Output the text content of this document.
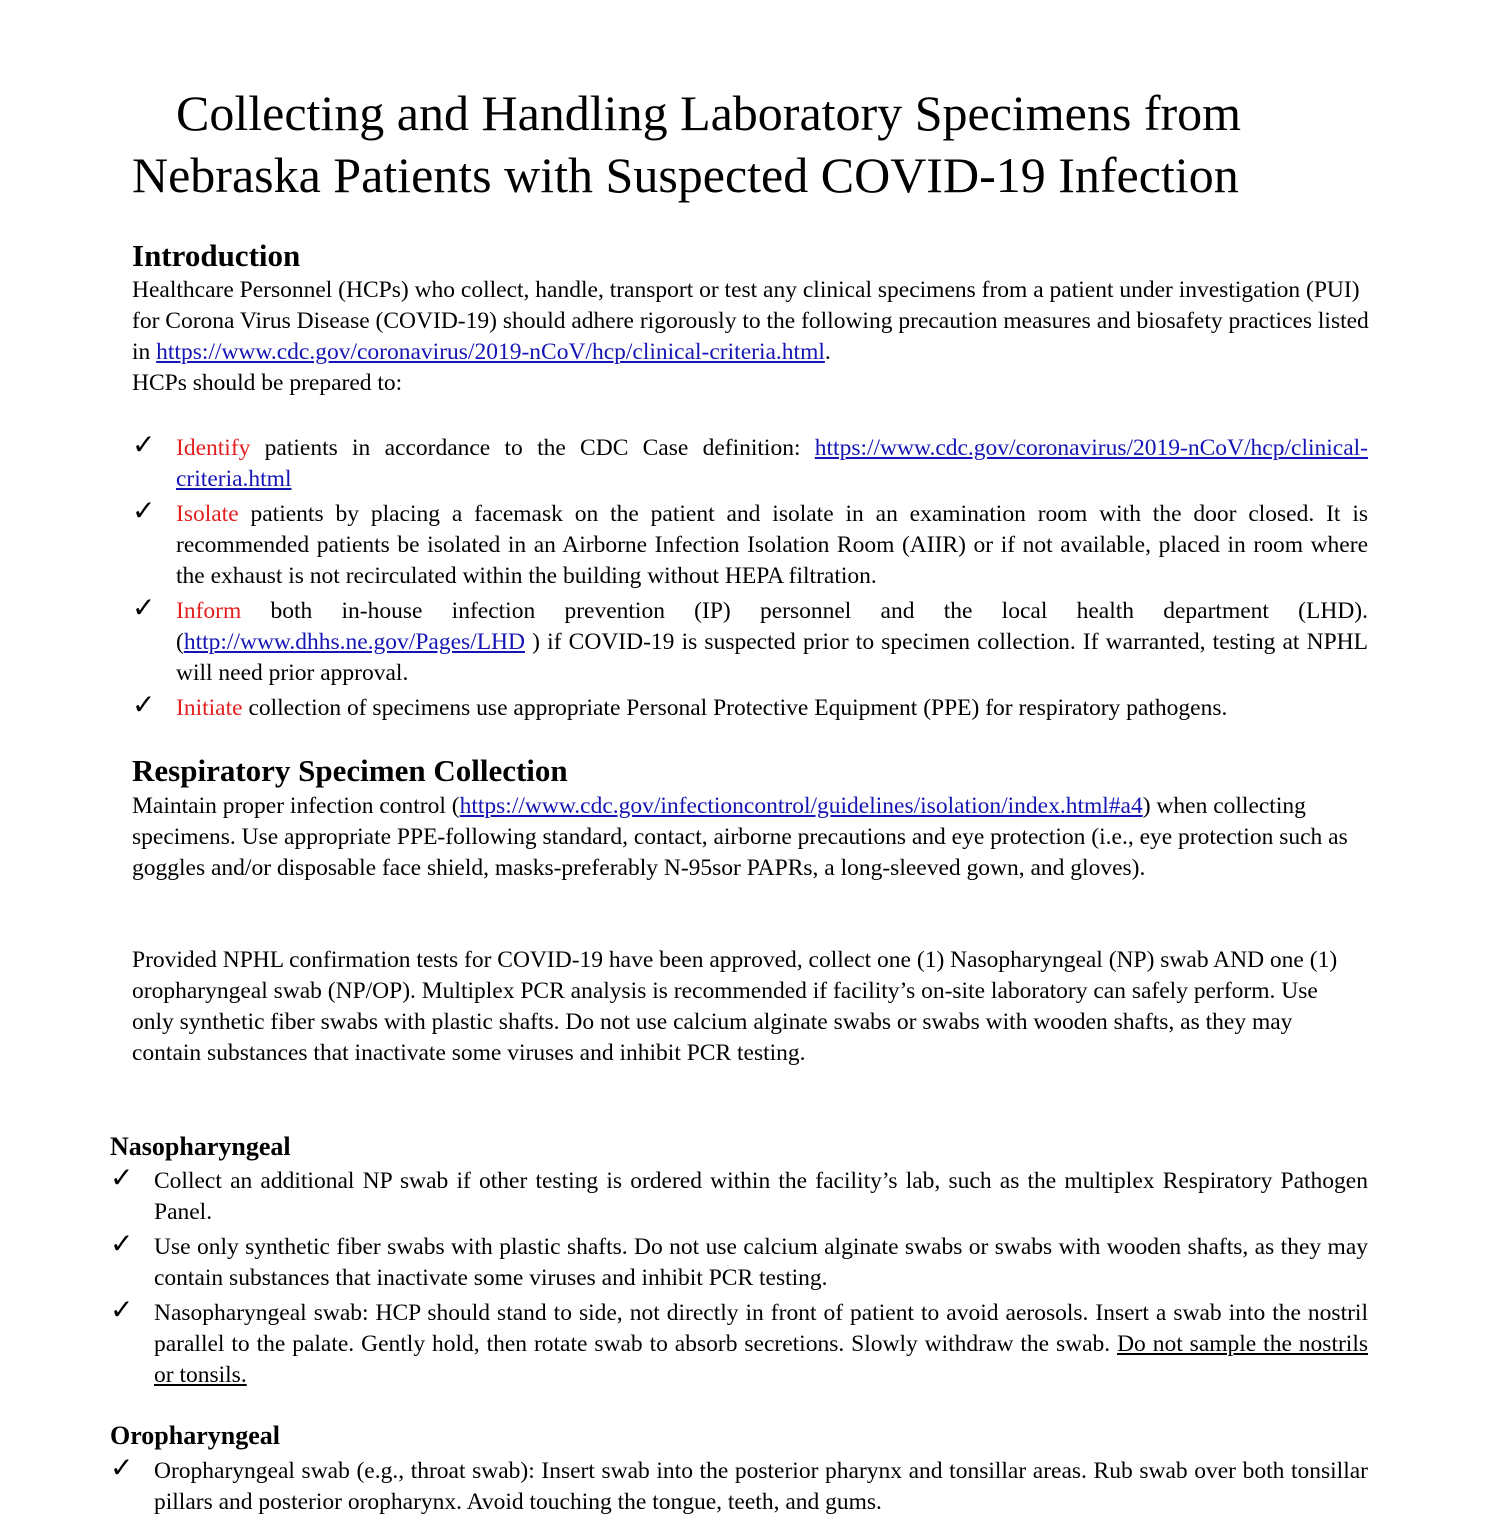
Collecting and Handling Laboratory Specimens from
Nebraska Patients with Suspected COVID-19 Infection
Introduction

Healthcare Personnel (HCPs) who collect, handle, transport or test any clinical specimens from a patient under investigation (PUI) for Corona Virus Disease (COVID-19) should adhere rigorously to the following precaution measures and biosafety practices listed in https://www.cdc.gov/coronavirus/2019-nCoV/hcp/clinical-criteria.html.
HCPs should be prepared to:

✓ Identify patients in accordance to the CDC Case definition: https://www.cdc.gov/coronavirus/2019-nCoV/hcp/clinical-criteria.html
✓ Isolate patients by placing a facemask on the patient and isolate in an examination room with the door closed. It is recommended patients be isolated in an Airborne Infection Isolation Room (AIIR) or if not available, placed in room where the exhaust is not recirculated within the building without HEPA filtration.
✓ Inform both in-house infection prevention (IP) personnel and the local health department (LHD). (http://www.dhhs.ne.gov/Pages/LHD ) if COVID-19 is suspected prior to specimen collection. If warranted, testing at NPHL will need prior approval.
✓ Initiate collection of specimens use appropriate Personal Protective Equipment (PPE) for respiratory pathogens.
Respiratory Specimen Collection

Maintain proper infection control (https://www.cdc.gov/infectioncontrol/guidelines/isolation/index.html#a4) when collecting specimens. Use appropriate PPE-following standard, contact, airborne precautions and eye protection (i.e., eye protection such as goggles and/or disposable face shield, masks-preferably N-95sor PAPRs, a long-sleeved gown, and gloves).

Provided NPHL confirmation tests for COVID-19 have been approved, collect one (1) Nasopharyngeal (NP) swab AND one (1) oropharyngeal swab (NP/OP). Multiplex PCR analysis is recommended if facility’s on-site laboratory can safely perform. Use only synthetic fiber swabs with plastic shafts. Do not use calcium alginate swabs or swabs with wooden shafts, as they may contain substances that inactivate some viruses and inhibit PCR testing.

Nasopharyngeal
✓ Collect an additional NP swab if other testing is ordered within the facility’s lab, such as the multiplex Respiratory Pathogen Panel.
✓ Use only synthetic fiber swabs with plastic shafts. Do not use calcium alginate swabs or swabs with wooden shafts, as they may contain substances that inactivate some viruses and inhibit PCR testing.
✓ Nasopharyngeal swab: HCP should stand to side, not directly in front of patient to avoid aerosols. Insert a swab into the nostril parallel to the palate. Gently hold, then rotate swab to absorb secretions. Slowly withdraw the swab. Do not sample the nostrils or tonsils.
Oropharyngeal
✓ Oropharyngeal swab (e.g., throat swab): Insert swab into the posterior pharynx and tonsillar areas. Rub swab over both tonsillar pillars and posterior oropharynx. Avoid touching the tongue, teeth, and gums.
